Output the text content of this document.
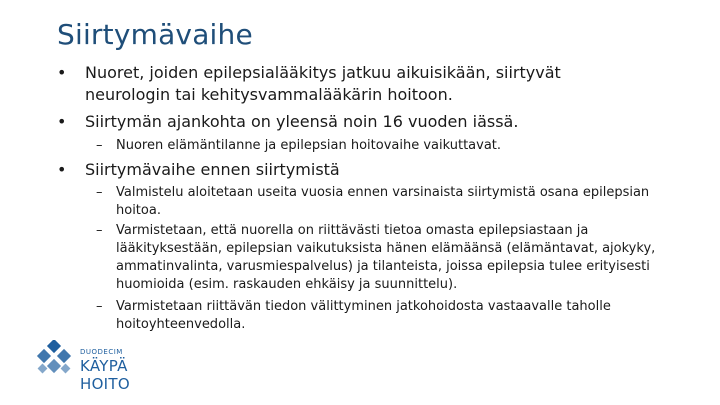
Siirtymävaihe
• Nuoret, joiden epilepsialääkitys jatkuu aikuisikään, siirtyvät neurologin tai kehitysvammalääkärin hoitoon.
• Siirtymän ajankohta on yleensä noin 16 vuoden iässä.
– Nuoren elämäntilanne ja epilepsian hoitovaihe vaikuttavat.
• Siirtymävaihe ennen siirtymistä
– Valmistelu aloitetaan useita vuosia ennen varsinaista siirtymistä osana epilepsian hoitoa.
– Varmistetaan, että nuorella on riittävästi tietoa omasta epilepsiastaan ja lääkityksestään, epilepsian vaikutuksista hänen elämäänsä (elämäntavat, ajokyky, ammatinvalinta, varusmiespalvelus) ja tilanteista, joissa epilepsia tulee erityisesti huomioida (esim. raskauden ehkäisy ja suunnittelu).
– Varmistetaan riittävän tiedon välittyminen jatkohoidosta vastaavalle taholle hoitoyhteenvedolla.
DUODECIM
KÄYPÄ HOITO
